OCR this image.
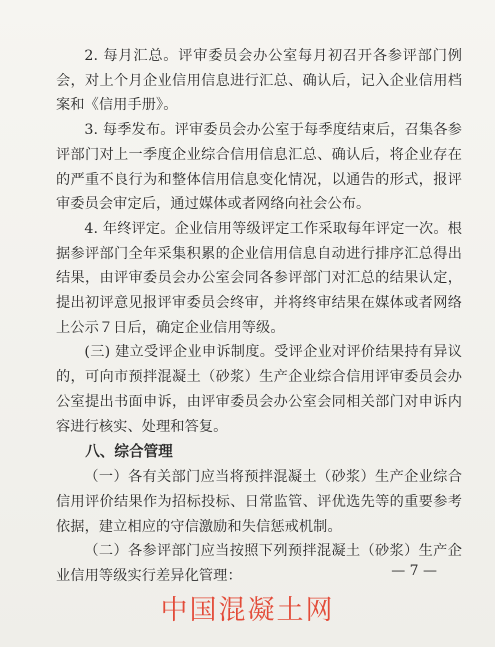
2. 每月汇总。评审委员会办公室每月初召开各参评部门例会，对上个月企业信用信息进行汇总、确认后，记入企业信用档案和《信用手册》。

3. 每季发布。评审委员会办公室于每季度结束后，召集各参评部门对上一季度企业综合信用信息汇总、确认后，将企业存在的严重不良行为和整体信用信息变化情况，以通告的形式，报评审委员会审定后，通过媒体或者网络向社会公布。

4. 年终评定。企业信用等级评定工作采取每年评定一次。根据参评部门全年采集积累的企业信用信息自动进行排序汇总得出结果，由评审委员会办公室会同各参评部门对汇总的结果认定，提出初评意见报评审委员会终审，并将终审结果在媒体或者网络上公示７日后，确定企业信用等级。

(三) 建立受评企业申诉制度。受评企业对评价结果持有异议的，可向市预拌混凝土（砂浆）生产企业综合信用评审委员会办公室提出书面申诉，由评审委员会办公室会同相关部门对申诉内容进行核实、处理和答复。

八、综合管理

（一）各有关部门应当将预拌混凝土（砂浆）生产企业综合信用评价结果作为招标投标、日常监管、评优选先等的重要参考依据，建立相应的守信激励和失信惩戒机制。

（二）各参评部门应当按照下列预拌混凝土（砂浆）生产企业信用等级实行差异化管理：	— 7 —
中国混凝土网
